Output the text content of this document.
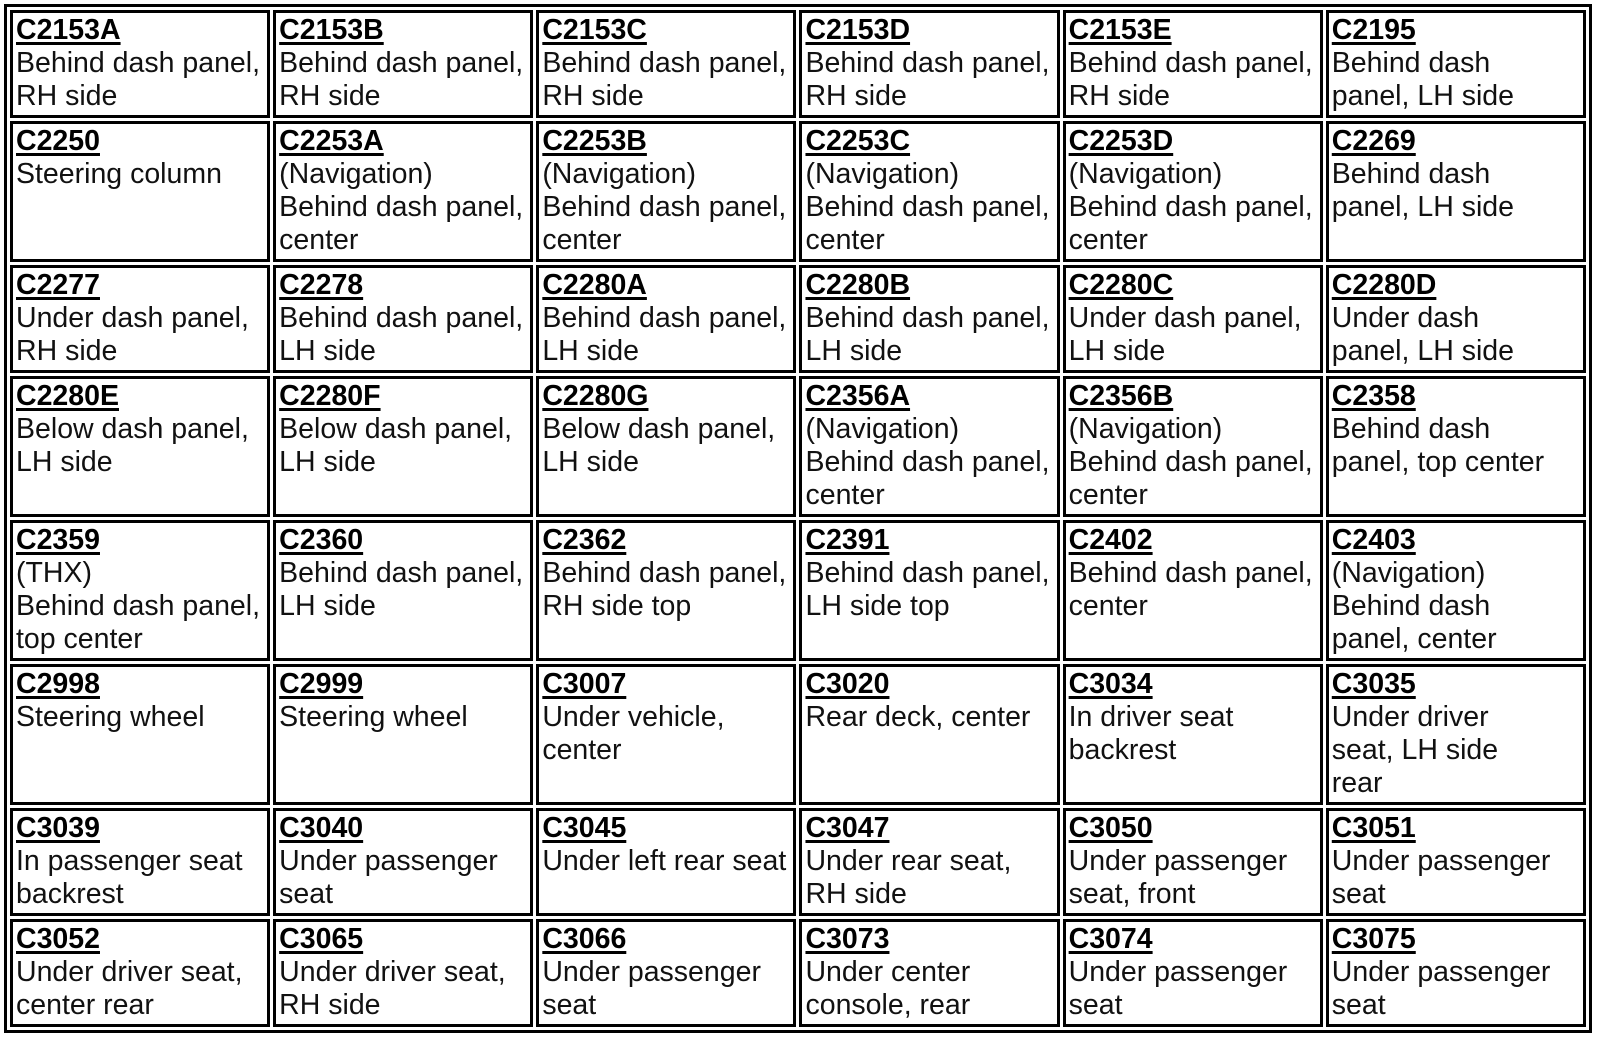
C2153A
Behind dash panel,
RH side	C2153B
Behind dash panel,
RH side	C2153C
Behind dash panel,
RH side	C2153D
Behind dash panel,
RH side	C2153E
Behind dash panel,
RH side	C2195
Behind dash
panel, LH side

C2250
Steering column	C2253A
(Navigation)
Behind dash panel,
center	C2253B
(Navigation)
Behind dash panel,
center	C2253C
(Navigation)
Behind dash panel,
center	C2253D
(Navigation)
Behind dash panel,
center	C2269
Behind dash
panel, LH side

C2277
Under dash panel,
RH side	C2278
Behind dash panel,
LH side	C2280A
Behind dash panel,
LH side	C2280B
Behind dash panel,
LH side	C2280C
Under dash panel,
LH side	C2280D
Under dash
panel, LH side

C2280E
Below dash panel,
LH side	C2280F
Below dash panel,
LH side	C2280G
Below dash panel,
LH side	C2356A
(Navigation)
Behind dash panel,
center	C2356B
(Navigation)
Behind dash panel,
center	C2358
Behind dash
panel, top center

C2359
(THX)
Behind dash panel,
top center	C2360
Behind dash panel,
LH side	C2362
Behind dash panel,
RH side top	C2391
Behind dash panel,
LH side top	C2402
Behind dash panel,
center	C2403
(Navigation)
Behind dash
panel, center

C2998
Steering wheel	C2999
Steering wheel	C3007
Under vehicle,
center	C3020
Rear deck, center	C3034
In driver seat
backrest	C3035
Under driver
seat, LH side
rear

C3039
In passenger seat
backrest	C3040
Under passenger
seat	C3045
Under left rear seat	C3047
Under rear seat,
RH side	C3050
Under passenger
seat, front	C3051
Under passenger
seat

C3052
Under driver seat,
center rear	C3065
Under driver seat,
RH side	C3066
Under passenger
seat	C3073
Under center
console, rear	C3074
Under passenger
seat	C3075
Under passenger
seat
